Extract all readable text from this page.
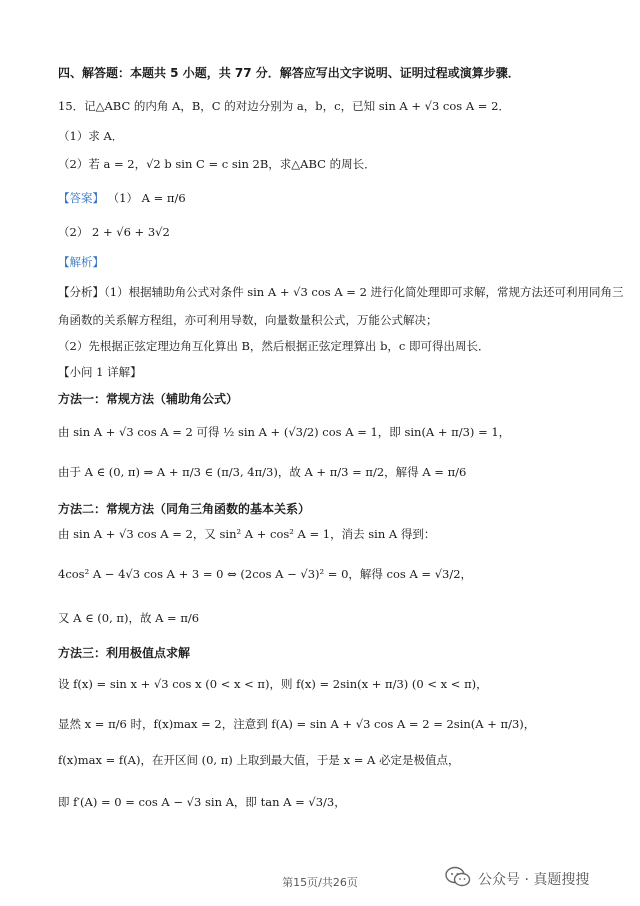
四、解答题：本题共 5 小题，共 77 分．解答应写出文字说明、证明过程或演算步骤．
15．记△ABC 的内角 A，B，C 的对边分别为 a，b，c，已知 sin A + √3 cos A = 2．
（1）求 A．
（2）若 a = 2，√2 b sin C = c sin 2B，求△ABC 的周长．
【答案】 （1） A = π/6
（2） 2 + √6 + 3√2
【解析】
【分析】（1）根据辅助角公式对条件 sin A + √3 cos A = 2 进行化简处理即可求解，常规方法还可利用同角三
角函数的关系解方程组，亦可利用导数，向量数量积公式，万能公式解决；
（2）先根据正弦定理边角互化算出 B，然后根据正弦定理算出 b，c 即可得出周长．
【小问 1 详解】
方法一：常规方法（辅助角公式）
由 sin A + √3 cos A = 2 可得 ½ sin A + (√3/2) cos A = 1，即 sin(A + π/3) = 1，
由于 A ∈ (0, π) ⇒ A + π/3 ∈ (π/3, 4π/3)，故 A + π/3 = π/2，解得 A = π/6
方法二：常规方法（同角三角函数的基本关系）
由 sin A + √3 cos A = 2，又 sin² A + cos² A = 1，消去 sin A 得到：
4cos² A − 4√3 cos A + 3 = 0 ⇔ (2cos A − √3)² = 0，解得 cos A = √3/2，
又 A ∈ (0, π)，故 A = π/6
方法三：利用极值点求解
设 f(x) = sin x + √3 cos x (0 < x < π)，则 f(x) = 2sin(x + π/3) (0 < x < π)，
显然 x = π/6 时，f(x)max = 2，注意到 f(A) = sin A + √3 cos A = 2 = 2sin(A + π/3)，
f(x)max = f(A)，在开区间 (0, π) 上取到最大值，于是 x = A 必定是极值点，
即 f′(A) = 0 = cos A − √3 sin A，即 tan A = √3/3，
第15页/共26页	公众号 · 真题搜搜
